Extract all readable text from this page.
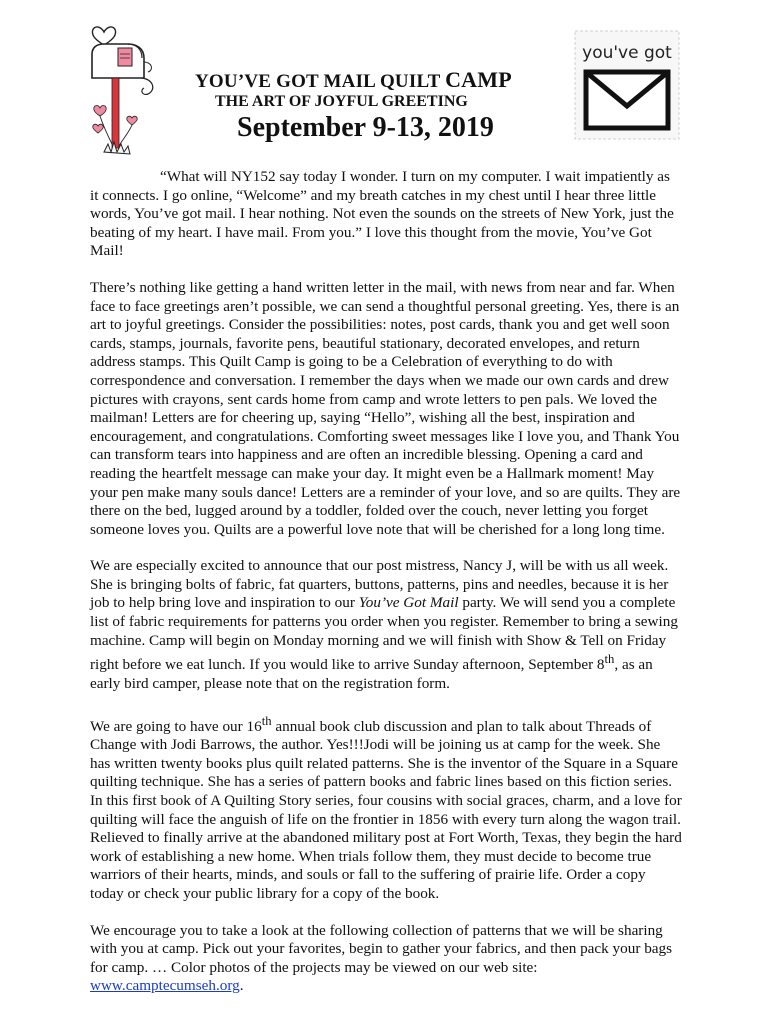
you've got
YOU’VE GOT MAIL QUILT CAMP
THE ART OF JOYFUL GREETING
September 9-13, 2019

“What will NY152 say today I wonder. I turn on my computer. I wait impatiently as it connects. I go online, “Welcome” and my breath catches in my chest until I hear three little words, You’ve got mail. I hear nothing. Not even the sounds on the streets of New York, just the beating of my heart. I have mail. From you.” I love this thought from the movie, You’ve Got Mail!

There’s nothing like getting a hand written letter in the mail, with news from near and far. When face to face greetings aren’t possible, we can send a thoughtful personal greeting. Yes, there is an art to joyful greetings. Consider the possibilities: notes, post cards, thank you and get well soon cards, stamps, journals, favorite pens, beautiful stationary, decorated envelopes, and return address stamps. This Quilt Camp is going to be a Celebration of everything to do with correspondence and conversation. I remember the days when we made our own cards and drew pictures with crayons, sent cards home from camp and wrote letters to pen pals. We loved the mailman! Letters are for cheering up, saying “Hello”, wishing all the best, inspiration and encouragement, and congratulations. Comforting sweet messages like I love you, and Thank You can transform tears into happiness and are often an incredible blessing. Opening a card and reading the heartfelt message can make your day. It might even be a Hallmark moment! May your pen make many souls dance! Letters are a reminder of your love, and so are quilts. They are there on the bed, lugged around by a toddler, folded over the couch, never letting you forget someone loves you. Quilts are a powerful love note that will be cherished for a long long time.

We are especially excited to announce that our post mistress, Nancy J, will be with us all week. She is bringing bolts of fabric, fat quarters, buttons, patterns, pins and needles, because it is her job to help bring love and inspiration to our You’ve Got Mail party. We will send you a complete list of fabric requirements for patterns you order when you register. Remember to bring a sewing machine. Camp will begin on Monday morning and we will finish with Show & Tell on Friday right before we eat lunch. If you would like to arrive Sunday afternoon, September 8th, as an early bird camper, please note that on the registration form.

We are going to have our 16th annual book club discussion and plan to talk about Threads of Change with Jodi Barrows, the author. Yes!!!Jodi will be joining us at camp for the week. She has written twenty books plus quilt related patterns. She is the inventor of the Square in a Square quilting technique. She has a series of pattern books and fabric lines based on this fiction series. In this first book of A Quilting Story series, four cousins with social graces, charm, and a love for quilting will face the anguish of life on the frontier in 1856 with every turn along the wagon trail. Relieved to finally arrive at the abandoned military post at Fort Worth, Texas, they begin the hard work of establishing a new home. When trials follow them, they must decide to become true warriors of their hearts, minds, and souls or fall to the suffering of prairie life. Order a copy today or check your public library for a copy of the book.

We encourage you to take a look at the following collection of patterns that we will be sharing with you at camp. Pick out your favorites, begin to gather your fabrics, and then pack your bags for camp. … Color photos of the projects may be viewed on our web site: www.camptecumseh.org.
